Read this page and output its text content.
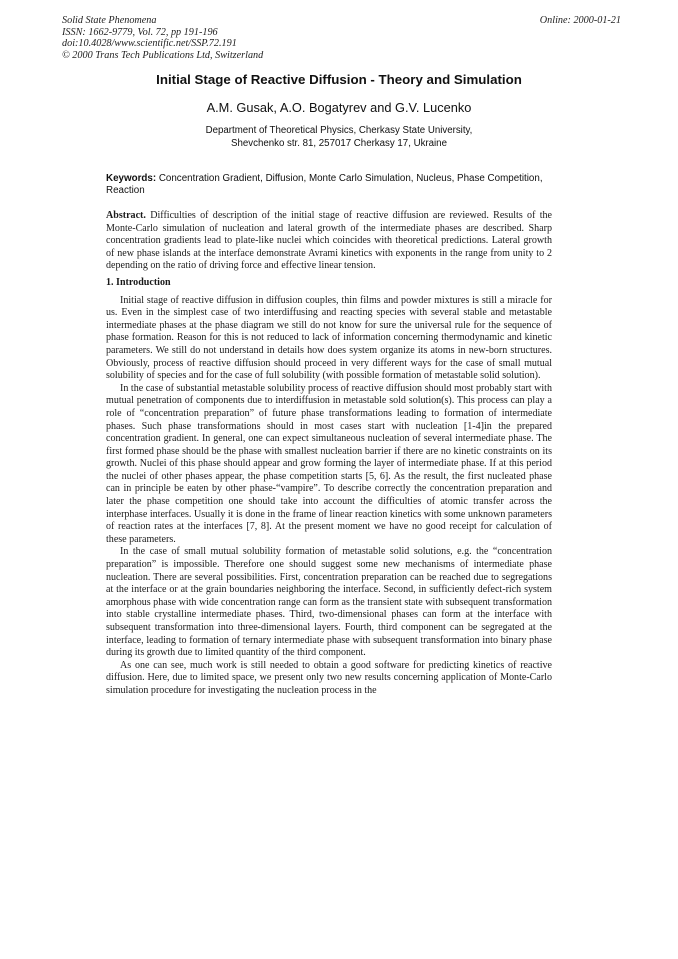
Solid State Phenomena
ISSN: 1662-9779, Vol. 72, pp 191-196
doi:10.4028/www.scientific.net/SSP.72.191
© 2000 Trans Tech Publications Ltd, Switzerland
Online: 2000-01-21
Initial Stage of Reactive Diffusion - Theory and Simulation
A.M. Gusak, A.O. Bogatyrev and G.V. Lucenko
Department of Theoretical Physics, Cherkasy State University,
Shevchenko str. 81, 257017 Cherkasy 17, Ukraine
Keywords: Concentration Gradient, Diffusion, Monte Carlo Simulation, Nucleus, Phase Competition, Reaction

Abstract. Difficulties of description of the initial stage of reactive diffusion are reviewed. Results of the Monte-Carlo simulation of nucleation and lateral growth of the intermediate phases are described. Sharp concentration gradients lead to plate-like nuclei which coincides with theoretical predictions. Lateral growth of new phase islands at the interface demonstrate Avrami kinetics with exponents in the range from unity to 2 depending on the ratio of driving force and effective linear tension.

1. Introduction

Initial stage of reactive diffusion in diffusion couples, thin films and powder mixtures is still a miracle for us. Even in the simplest case of two interdiffusing and reacting species with several stable and metastable intermediate phases at the phase diagram we still do not know for sure the universal rule for the sequence of phase formation. Reason for this is not reduced to lack of information concerning thermodynamic and kinetic parameters. We still do not understand in details how does system organize its atoms in new-born structures. Obviously, process of reactive diffusion should proceed in very different ways for the case of small mutual solubility of species and for the case of full solubility (with possible formation of metastable solid solution).

In the case of substantial metastable solubility process of reactive diffusion should most probably start with mutual penetration of components due to interdiffusion in metastable sold solution(s). This process can play a role of “concentration preparation” of future phase transformations leading to formation of intermediate phases. Such phase transformations should in most cases start with nucleation [1-4]in the prepared concentration gradient. In general, one can expect simultaneous nucleation of several intermediate phase. The first formed phase should be the phase with smallest nucleation barrier if there are no kinetic constraints on its growth. Nuclei of this phase should appear and grow forming the layer of intermediate phase. If at this period the nuclei of other phases appear, the phase competition starts [5, 6]. As the result, the first nucleated phase can in principle be eaten by other phase-“vampire”. To describe correctly the concentration preparation and later the phase competition one should take into account the difficulties of atomic transfer across the interphase interfaces. Usually it is done in the frame of linear reaction kinetics with some unknown parameters of reaction rates at the interfaces [7, 8]. At the present moment we have no good receipt for calculation of these parameters.

In the case of small mutual solubility formation of metastable solid solutions, e.g. the “concentration preparation” is impossible. Therefore one should suggest some new mechanisms of intermediate phase nucleation. There are several possibilities. First, concentration preparation can be reached due to segregations at the interface or at the grain boundaries neighboring the interface. Second, in sufficiently defect-rich system amorphous phase with wide concentration range can form as the transient state with subsequent transformation into stable crystalline intermediate phases. Third, two-dimensional phases can form at the interface with subsequent transformation into three-dimensional layers. Fourth, third component can be segregated at the interface, leading to formation of ternary intermediate phase with subsequent transformation into binary phase during its growth due to limited quantity of the third component.

As one can see, much work is still needed to obtain a good software for predicting kinetics of reactive diffusion. Here, due to limited space, we present only two new results concerning application of Monte-Carlo simulation procedure for investigating the nucleation process in the
